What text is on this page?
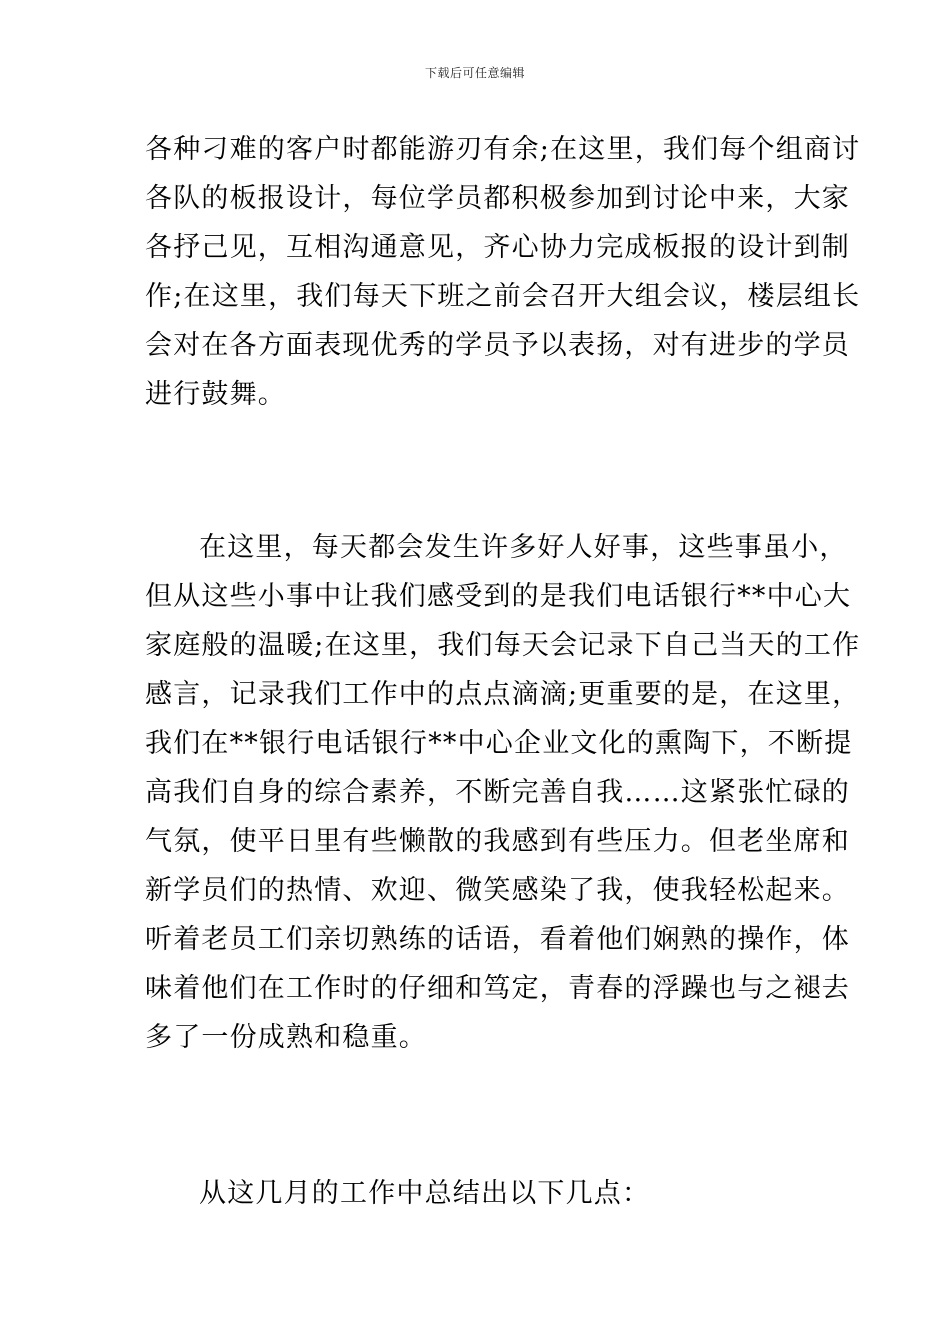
下载后可任意编辑
各种刁难的客户时都能游刃有余;在这里，我们每个组商讨
各队的板报设计，每位学员都积极参加到讨论中来，大家
各抒己见，互相沟通意见，齐心协力完成板报的设计到制
作;在这里，我们每天下班之前会召开大组会议，楼层组长
会对在各方面表现优秀的学员予以表扬，对有进步的学员
进行鼓舞。
在这里，每天都会发生许多好人好事，这些事虽小，
但从这些小事中让我们感受到的是我们电话银行**中心大
家庭般的温暖;在这里，我们每天会记录下自己当天的工作
感言，记录我们工作中的点点滴滴;更重要的是，在这里，
我们在**银行电话银行**中心企业文化的熏陶下，不断提
高我们自身的综合素养，不断完善自我……这紧张忙碌的
气氛，使平日里有些懒散的我感到有些压力。但老坐席和
新学员们的热情、欢迎、微笑感染了我，使我轻松起来。
听着老员工们亲切熟练的话语，看着他们娴熟的操作，体
味着他们在工作时的仔细和笃定，青春的浮躁也与之褪去
多了一份成熟和稳重。
从这几月的工作中总结出以下几点：
